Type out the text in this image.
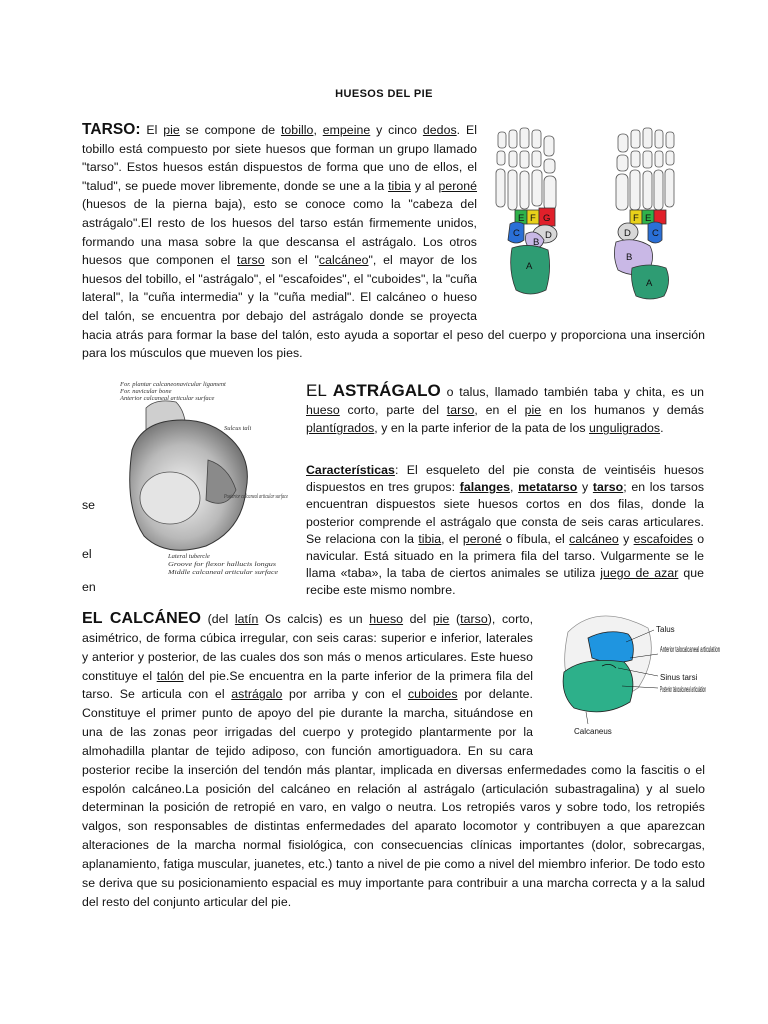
HUESOS DEL PIE
TARSO: El pie se compone de tobillo, empeine y cinco dedos. El tobillo está compuesto por siete huesos que forman un grupo llamado "tarso". Estos huesos están dispuestos de forma que uno de ellos, el "talud", se puede mover libremente, donde se une a la tibia y al peroné (huesos de la pierna baja), esto se conoce como la "cabeza del astrágalo".El resto de los huesos del tarso están firmemente unidos, formando una masa sobre la que descansa el astrágalo. Los otros huesos que componen el tarso son el "calcáneo", el mayor de los huesos del tobillo, el "astrágalo", el "escafoides", el "cuboides", la "cuña lateral", la "cuña intermedia" y la "cuña medial". El calcáneo o hueso del talón, se encuentra por debajo del astrágalo donde se proyecta hacia atrás para formar la base del talón, esto ayuda a soportar el peso del cuerpo y proporciona una inserción para los músculos que mueven los pies.
E F G
C	D
B
A
F E
D C
B
A
For. plantar calcaneonavicular ligament
For. navicular bone
Anterior calcaneal articular surface
Sulcus tali
Posterior calcaneal articular surface
Lateral tubercle
Groove for flexor hallucis longus
Middle calcaneal articular surface
se
el
en
EL ASTRÁGALO o talus, llamado también taba y chita, es un hueso corto, parte del tarso, en el pie en los humanos y demás plantígrados, y en la parte inferior de la pata de los unguligrados.
Características: El esqueleto del pie consta de veintiséis huesos dispuestos en tres grupos: falanges, metatarso y tarso; en los tarsos encuentran dispuestos siete huesos cortos en dos filas, donde la posterior comprende el astrágalo que consta de seis caras articulares. Se relaciona con la tibia, el peroné o fíbula, el calcáneo y escafoides o navicular. Está situado en la primera fila del tarso. Vulgarmente se le llama «taba», la taba de ciertos animales se utiliza juego de azar que recibe este mismo nombre.
Talus
Anterior talocalcaneal articulation
Sinus tarsi
Posterior talocalcaneal articulation
Calcaneus
EL CALCÁNEO (del latín Os calcis) es un hueso del pie (tarso), corto, asimétrico, de forma cúbica irregular, con seis caras: superior e inferior, laterales y anterior y posterior, de las cuales dos son más o menos articulares. Este hueso constituye el talón del pie.Se encuentra en la parte inferior de la primera fila del tarso. Se articula con el astrágalo por arriba y con el cuboides por delante. Constituye el primer punto de apoyo del pie durante la marcha, situándose en una de las zonas peor irrigadas del cuerpo y protegido plantarmente por la almohadilla plantar de tejido adiposo, con función amortiguadora. En su cara posterior recibe la inserción del tendón más plantar, implicada en diversas enfermedades como la fascitis o el espolón calcáneo.La posición del calcáneo en relación al astrágalo (articulación subastragalina) y al suelo determinan la posición de retropié en varo, en valgo o neutra. Los retropiés varos y sobre todo, los retropiés valgos, son responsables de distintas enfermedades del aparato locomotor y contribuyen a que aparezcan alteraciones de la marcha normal fisiológica, con consecuencias clínicas importantes (dolor, sobrecargas, aplanamiento, fatiga muscular, juanetes, etc.) tanto a nivel de pie como a nivel del miembro inferior. De todo esto se deriva que su posicionamiento espacial es muy importante para contribuir a una marcha correcta y a la salud del resto del conjunto articular del pie.
